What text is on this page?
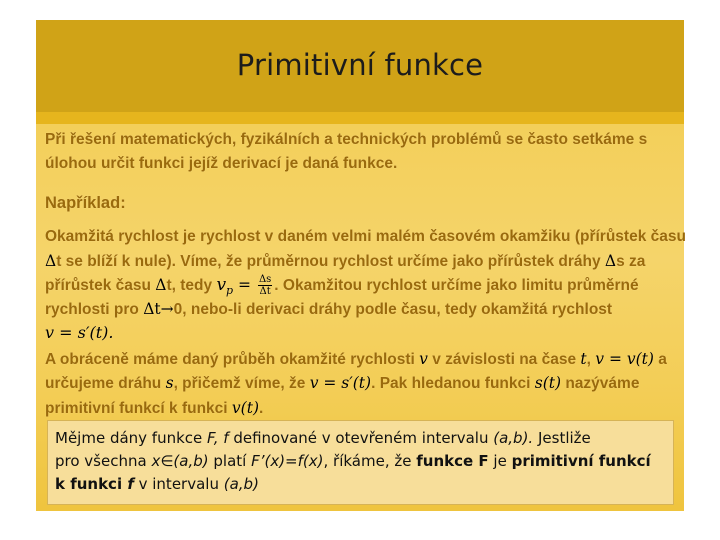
Primitivní funkce
Při řešení matematických, fyzikálních a technických problémů se často setkáme s
úlohou určit funkci jejíž derivací je daná funkce.
Například:
Okamžitá rychlost je rychlost v daném velmi malém časovém okamžiku (přírůstek času
Δt se blíží k nule). Víme, že průměrnou rychlost určíme jako přírůstek dráhy Δs za
přírůstek času Δt, tedy $v_p = \frac{\Delta s}{\Delta t}$ . Okamžitou rychlost určíme jako limitu průměrné
rychlosti pro Δt→0, nebo-li derivaci dráhy podle času, tedy okamžitá rychlost
v = s′(t).
A obráceně máme daný průběh okamžité rychlosti v v závislosti na čase t, v = v(t) a
určujeme dráhu s, přičemž víme, že v = s′(t). Pak hledanou funkci s(t) nazýváme
primitivní funkcí k funkci v(t).
Mějme dány funkce F, f definované v otevřeném intervalu (a,b). Jestliže
pro všechna x∈(a,b) platí F’(x)=f(x), říkáme, že funkce F je primitivní funkcí
k funkci f v intervalu (a,b)
